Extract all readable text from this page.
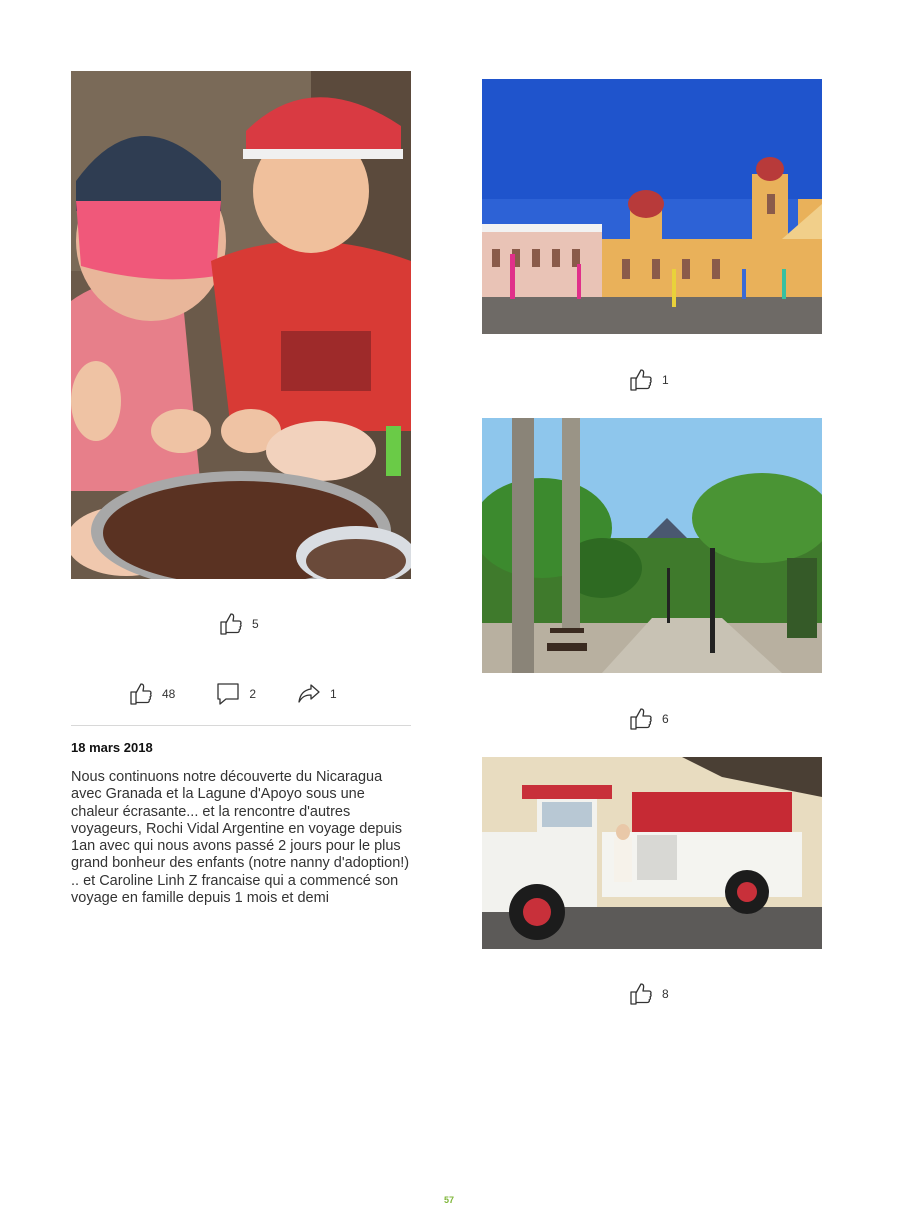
5
48	2	1
18 mars 2018
Nous continuons notre découverte du Nicaragua avec Granada et la Lagune d'Apoyo sous une chaleur écrasante... et la rencontre d'autres voyageurs, Rochi Vidal Argentine en voyage depuis 1an avec qui nous avons passé 2 jours pour le plus grand bonheur des enfants (notre nanny d'adoption!) .. et Caroline Linh Z francaise qui a commencé son voyage en famille depuis 1 mois et demi
1
6
8
57
